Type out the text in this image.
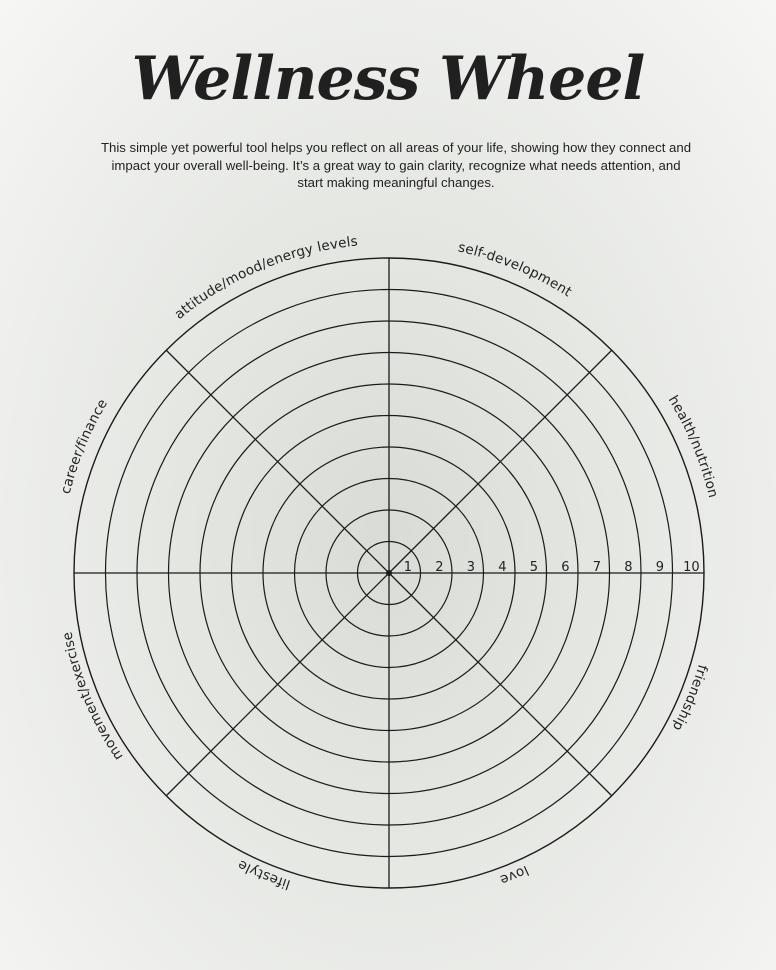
Wellness Wheel

This simple yet powerful tool helps you reflect on all areas of your life, showing how they connect and impact your overall well-being. It’s a great way to gain clarity, recognize what needs attention, and start making meaningful changes.

1 2 3 4 5 6 7 8 9 10
self-development
health/nutrition
friendship
love
lifestyle
movement/exercise
career/finance
attitude/mood/energy levels
